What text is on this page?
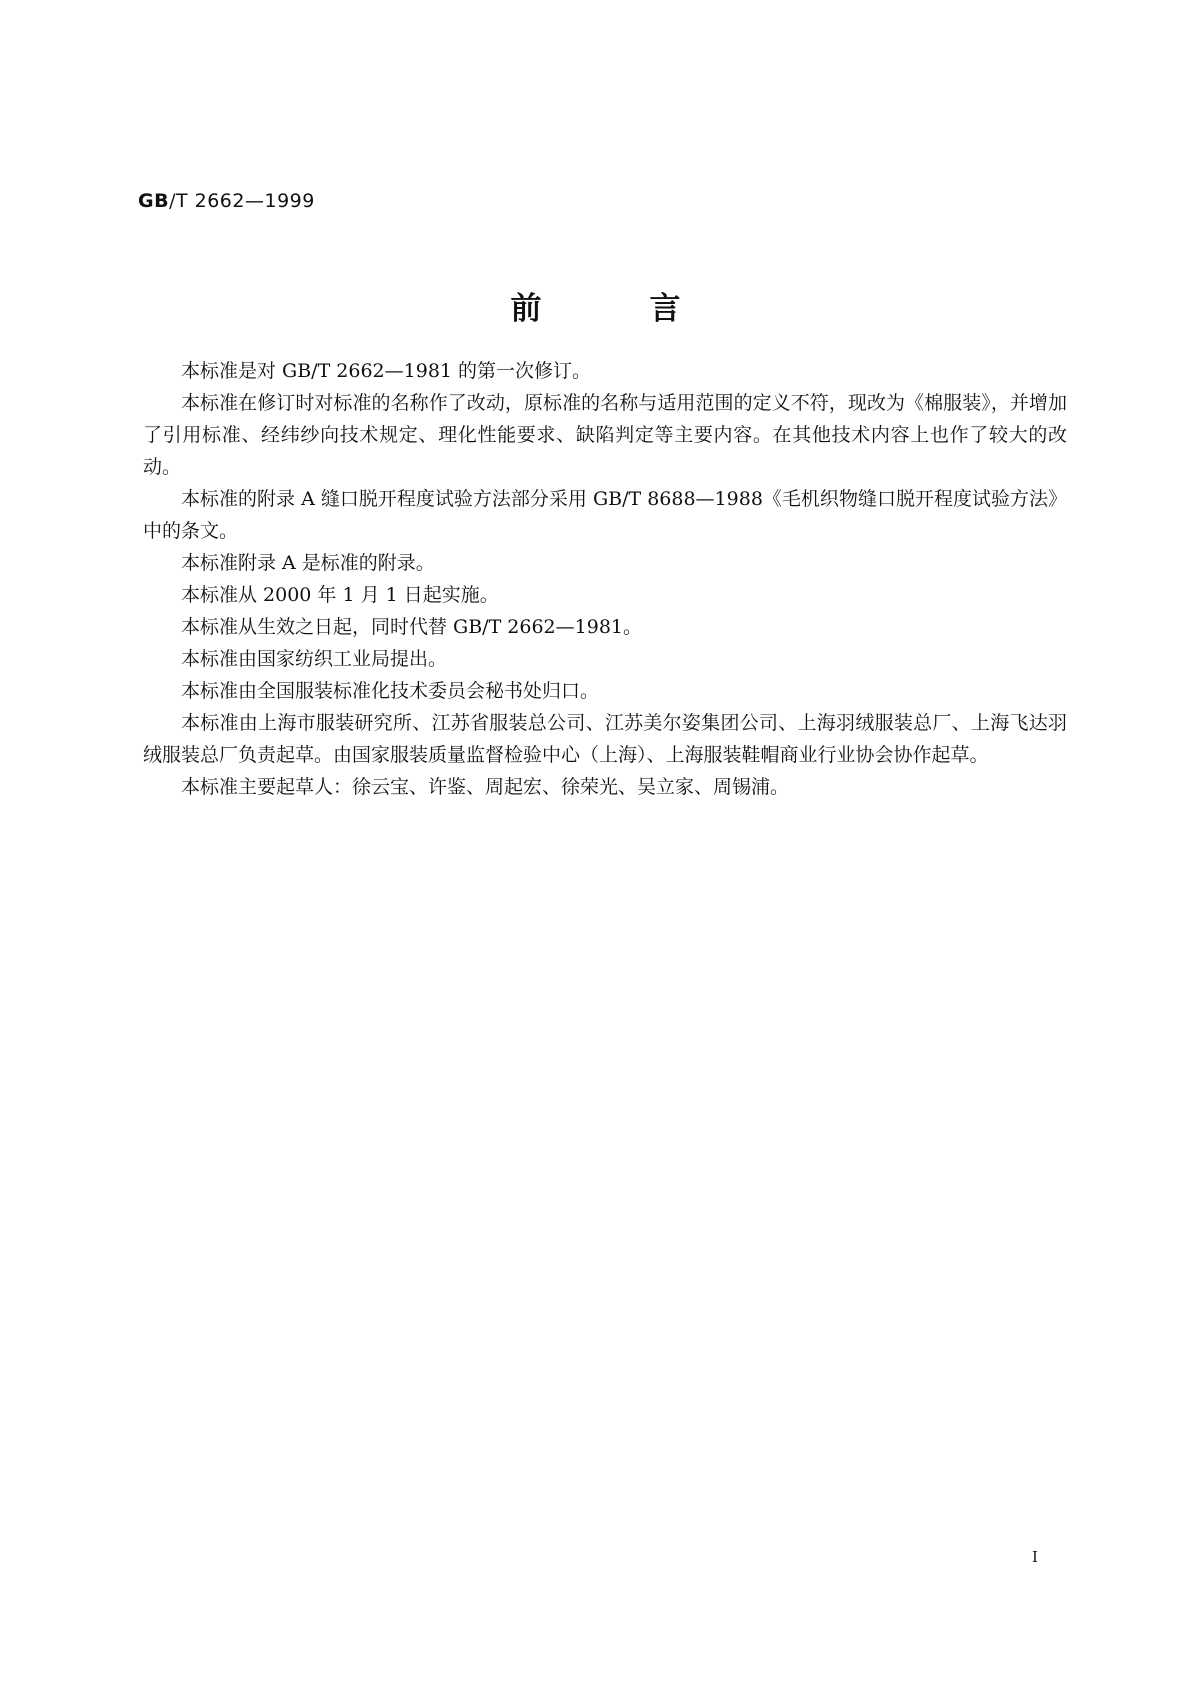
GB/T 2662—1999
前	言

本标准是对 GB/T 2662—1981 的第一次修订。

本标准在修订时对标准的名称作了改动，原标准的名称与适用范围的定义不符，现改为《棉服装》，并增加了引用标准、经纬纱向技术规定、理化性能要求、缺陷判定等主要内容。在其他技术内容上也作了较大的改动。

本标准的附录 A 缝口脱开程度试验方法部分采用 GB/T 8688—1988《毛机织物缝口脱开程度试验方法》中的条文。

本标准附录 A 是标准的附录。

本标准从 2000 年 1 月 1 日起实施。

本标准从生效之日起，同时代替 GB/T 2662—1981。

本标准由国家纺织工业局提出。

本标准由全国服装标准化技术委员会秘书处归口。

本标准由上海市服装研究所、江苏省服装总公司、江苏美尔姿集团公司、上海羽绒服装总厂、上海飞达羽绒服装总厂负责起草。由国家服装质量监督检验中心（上海）、上海服装鞋帽商业行业协会协作起草。

本标准主要起草人：徐云宝、许鉴、周起宏、徐荣光、吴立家、周锡浦。

I
